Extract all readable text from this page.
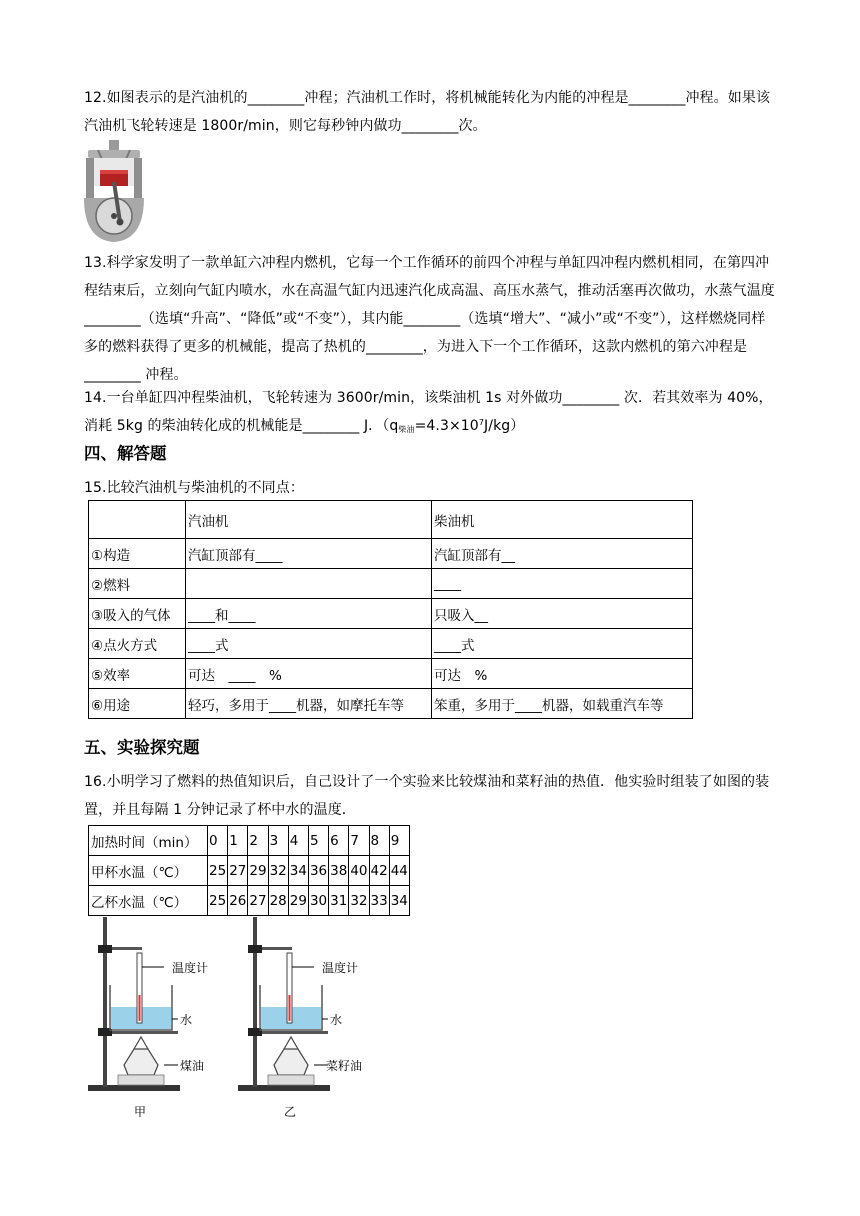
12.如图表示的是汽油机的________冲程；汽油机工作时，将机械能转化为内能的冲程是________冲程。如果该汽油机飞轮转速是 1800r/min，则它每秒钟内做功________次。
13.科学家发明了一款单缸六冲程内燃机，它每一个工作循环的前四个冲程与单缸四冲程内燃机相同，在第四冲程结束后，立刻向气缸内喷水，水在高温气缸内迅速汽化成高温、高压水蒸气，推动活塞再次做功，水蒸气温度________（选填“升高”、“降低”或“不变”），其内能________（选填“增大”、“减小”或“不变”），这样燃烧同样多的燃料获得了更多的机械能，提高了热机的________，为进入下一个工作循环，这款内燃机的第六冲程是________ 冲程。
14.一台单缸四冲程柴油机，飞轮转速为 3600r/min，该柴油机 1s 对外做功________ 次．若其效率为 40%，消耗 5kg 的柴油转化成的机械能是________ J．（q柴油$=4.3\times 10^7J/kg$）
四、解答题
15.比较汽油机与柴油机的不同点：
	汽油机	柴油机
①构造	汽缸顶部有____	汽缸顶部有__
②燃料		____
③吸入的气体	____和____	只吸入__
④点火方式	____式	____式
⑤效率	可达　____　%	可达　%
⑥用途	轻巧，多用于____机器，如摩托车等	笨重，多用于____机器，如载重汽车等
五、实验探究题
16.小明学习了燃料的热值知识后，自己设计了一个实验来比较煤油和菜籽油的热值．他实验时组装了如图的装置，并且每隔 1 分钟记录了杯中水的温度．
加热时间（min）	0	1	2	3	4	5	6	7	8	9
甲杯水温（℃）	25	27	29	32	34	36	38	40	42	44
乙杯水温（℃）	25	26	27	28	29	30	31	32	33	34
温度计
水
煤油
温度计
水
菜籽油
甲	乙
